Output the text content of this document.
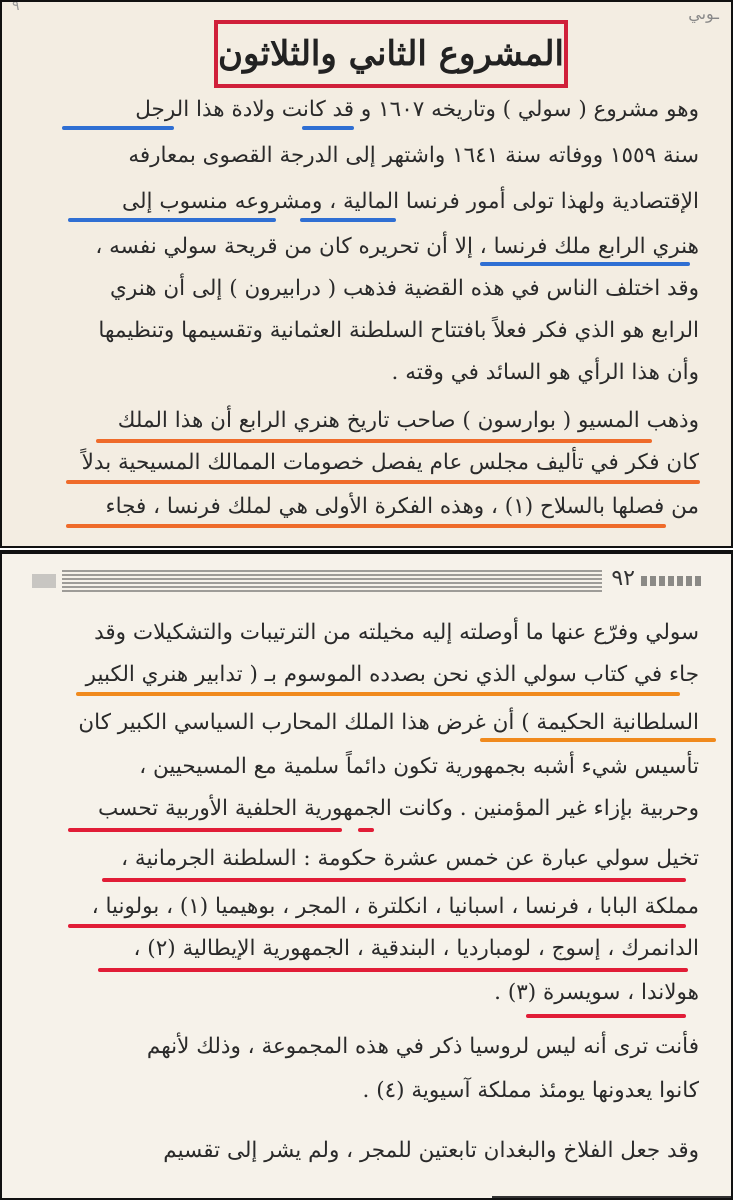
٩	ـوىي
المشروع الثاني والثلاثون
وهو مشروع ( سولي ) وتاريخه ١٦٠٧ و قد كانت ولادة هذا الرجل
سنة ١٥٥٩ ووفاته سنة ١٦٤١ واشتهر إلى الدرجة القصوى بمعارفه
الإقتصادية ولهذا تولى أمور فرنسا المالية ، ومشروعه منسوب إلى
هنري الرابع ملك فرنسا ، إلا أن تحريره كان من قريحة سولي نفسه ،
وقد اختلف الناس في هذه القضية فذهب ( درابيرون ) إلى أن هنري
الرابع هو الذي فكر فعلاً بافتتاح السلطنة العثمانية وتقسيمها وتنظيمها
وأن هذا الرأي هو السائد في وقته .
وذهب المسيو ( بوارسون ) صاحب تاريخ هنري الرابع أن هذا الملك
كان فكر في تأليف مجلس عام يفصل خصومات الممالك المسيحية بدلاً
من فصلها بالسلاح (١) ، وهذه الفكرة الأولى هي لملك فرنسا ، فجاء
٩٢
سولي وفرّع عنها ما أوصلته إليه مخيلته من الترتيبات والتشكيلات وقد
جاء في كتاب سولي الذي نحن بصدده الموسوم بـ ( تدابير هنري الكبير
السلطانية الحكيمة ) أن غرض هذا الملك المحارب السياسي الكبير كان
تأسيس شيء أشبه بجمهورية تكون دائماً سلمية مع المسيحيين ،
وحربية بإزاء غير المؤمنين . وكانت الجمهورية الحلفية الأوربية تحسب
تخيل سولي عبارة عن خمس عشرة حكومة : السلطنة الجرمانية ،
مملكة البابا ، فرنسا ، اسبانيا ، انكلترة ، المجر ، بوهيميا (١) ، بولونيا ،
الدانمرك ، إسوج ، لومبارديا ، البندقية ، الجمهورية الإيطالية (٢) ،
هولاندا ، سويسرة (٣) .
فأنت ترى أنه ليس لروسيا ذكر في هذه المجموعة ، وذلك لأنهم
كانوا يعدونها يومئذ مملكة آسيوية (٤) .
وقد جعل الفلاخ والبغدان تابعتين للمجر ، ولم يشر إلى تقسيم
